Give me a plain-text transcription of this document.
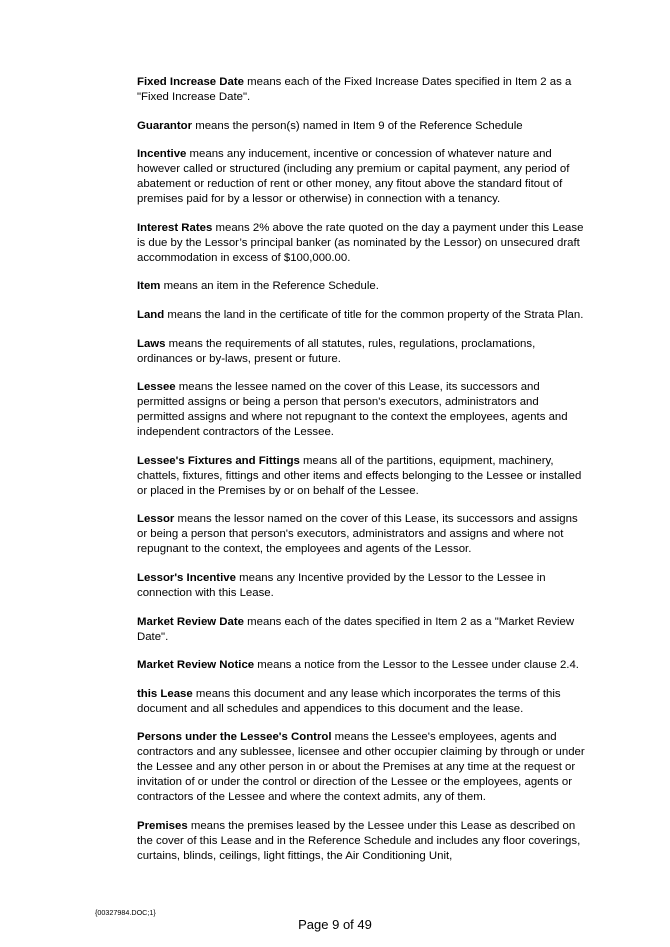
Fixed Increase Date means each of the Fixed Increase Dates specified in Item 2 as a "Fixed Increase Date".

Guarantor means the person(s) named in Item 9 of the Reference Schedule

Incentive means any inducement, incentive or concession of whatever nature and however called or structured (including any premium or capital payment, any period of abatement or reduction of rent or other money, any fitout above the standard fitout of premises paid for by a lessor or otherwise) in connection with a tenancy.

Interest Rates means 2% above the rate quoted on the day a payment under this Lease is due by the Lessor’s principal banker (as nominated by the Lessor) on unsecured draft accommodation in excess of $100,000.00.

Item means an item in the Reference Schedule.

Land means the land in the certificate of title for the common property of the Strata Plan.

Laws means the requirements of all statutes, rules, regulations, proclamations, ordinances or by-laws, present or future.

Lessee means the lessee named on the cover of this Lease, its successors and permitted assigns or being a person that person's executors, administrators and permitted assigns and where not repugnant to the context the employees, agents and independent contractors of the Lessee.

Lessee's Fixtures and Fittings means all of the partitions, equipment, machinery, chattels, fixtures, fittings and other items and effects belonging to the Lessee or installed or placed in the Premises by or on behalf of the Lessee.

Lessor means the lessor named on the cover of this Lease, its successors and assigns or being a person that person's executors, administrators and assigns and where not repugnant to the context, the employees and agents of the Lessor.

Lessor's Incentive means any Incentive provided by the Lessor to the Lessee in connection with this Lease.

Market Review Date means each of the dates specified in Item 2 as a "Market Review Date".

Market Review Notice means a notice from the Lessor to the Lessee under clause 2.4.

this Lease means this document and any lease which incorporates the terms of this document and all schedules and appendices to this document and the lease.

Persons under the Lessee's Control means the Lessee's employees, agents and contractors and any sublessee, licensee and other occupier claiming by through or under the Lessee and any other person in or about the Premises at any time at the request or invitation of or under the control or direction of the Lessee or the employees, agents or contractors of the Lessee and where the context admits, any of them.

Premises means the premises leased by the Lessee under this Lease as described on the cover of this Lease and in the Reference Schedule and includes any floor coverings, curtains, blinds, ceilings, light fittings, the Air Conditioning Unit,

{00327984.DOC;1}
Page 9 of 49
